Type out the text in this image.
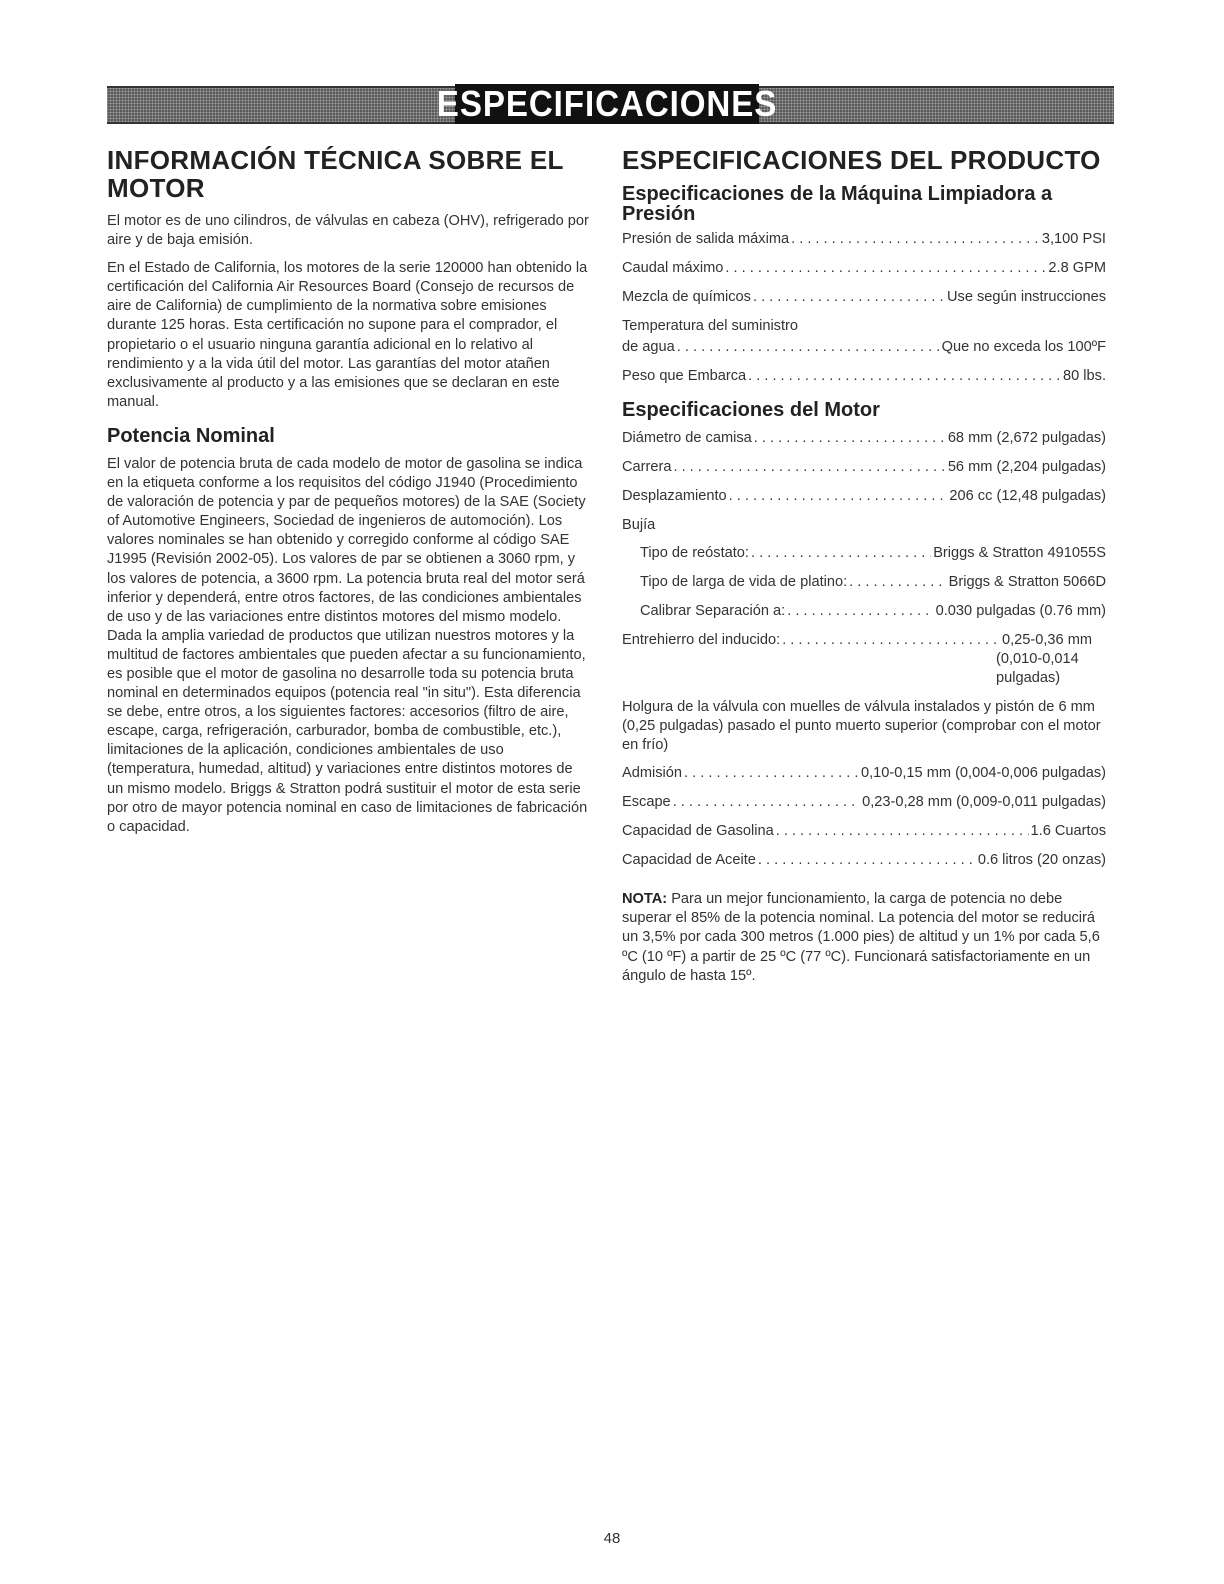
ESPECIFICACIONES
INFORMACIÓN TÉCNICA SOBRE EL MOTOR

El motor es de uno cilindros, de válvulas en cabeza (OHV), refrigerado por aire y de baja emisión.

En el Estado de California, los motores de la serie 120000 han obtenido la certificación del California Air Resources Board (Consejo de recursos de aire de California) de cumplimiento de la normativa sobre emisiones durante 125 horas. Esta certificación no supone para el comprador, el propietario o el usuario ninguna garantía adicional en lo relativo al rendimiento y a la vida útil del motor. Las garantías del motor atañen exclusivamente al producto y a las emisiones que se declaran en este manual.

Potencia Nominal

El valor de potencia bruta de cada modelo de motor de gasolina se indica en la etiqueta conforme a los requisitos del código J1940 (Procedimiento de valoración de potencia y par de pequeños motores) de la SAE (Society of Automotive Engineers, Sociedad de ingenieros de automoción). Los valores nominales se han obtenido y corregido conforme al código SAE J1995 (Revisión 2002-05). Los valores de par se obtienen a 3060 rpm, y los valores de potencia, a 3600 rpm. La potencia bruta real del motor será inferior y dependerá, entre otros factores, de las condiciones ambientales de uso y de las variaciones entre distintos motores del mismo modelo. Dada la amplia variedad de productos que utilizan nuestros motores y la multitud de factores ambientales que pueden afectar a su funcionamiento, es posible que el motor de gasolina no desarrolle toda su potencia bruta nominal en determinados equipos (potencia real "in situ"). Esta diferencia se debe, entre otros, a los siguientes factores: accesorios (filtro de aire, escape, carga, refrigeración, carburador, bomba de combustible, etc.), limitaciones de la aplicación, condiciones ambientales de uso (temperatura, humedad, altitud) y variaciones entre distintos motores de un mismo modelo. Briggs & Stratton podrá sustituir el motor de esta serie por otro de mayor potencia nominal en caso de limitaciones de fabricación o capacidad.

ESPECIFICACIONES DEL PRODUCTO
Especificaciones de la Máquina Limpiadora a Presión
Presión de salida máxima . . .	3,100 PSI
Caudal máximo . . .	2.8 GPM
Mezcla de químicos . . .	Use según instrucciones
Temperatura del suministro
de agua . . .	Que no exceda los 100ºF
Peso que Embarca . . .	80 lbs.
Especificaciones del Motor
Diámetro de camisa . . .	68 mm (2,672 pulgadas)
Carrera . . .	56 mm (2,204 pulgadas)
Desplazamiento . . .	206 cc (12,48 pulgadas)
Bujía
Tipo de reóstato: . . .	Briggs & Stratton 491055S
Tipo de larga de vida de platino: . . .	Briggs & Stratton 5066D
Calibrar Separación a: . . .	0.030 pulgadas (0.76 mm)
Entrehierro del inducido: . . .	0,25-0,36 mm
(0,010-0,014
pulgadas)

Holgura de la válvula con muelles de válvula instalados y pistón de 6 mm (0,25 pulgadas) pasado el punto muerto superior (comprobar con el motor en frío)

Admisión . . .	0,10-0,15 mm (0,004-0,006 pulgadas)
Escape . . .	0,23-0,28 mm (0,009-0,011 pulgadas)
Capacidad de Gasolina . . .	1.6 Cuartos
Capacidad de Aceite . . .	0.6 litros (20 onzas)

NOTA: Para un mejor funcionamiento, la carga de potencia no debe superar el 85% de la potencia nominal. La potencia del motor se reducirá un 3,5% por cada 300 metros (1.000 pies) de altitud y un 1% por cada 5,6 ºC (10 ºF) a partir de 25 ºC (77 ºC). Funcionará satisfactoriamente en un ángulo de hasta 15º.

48
